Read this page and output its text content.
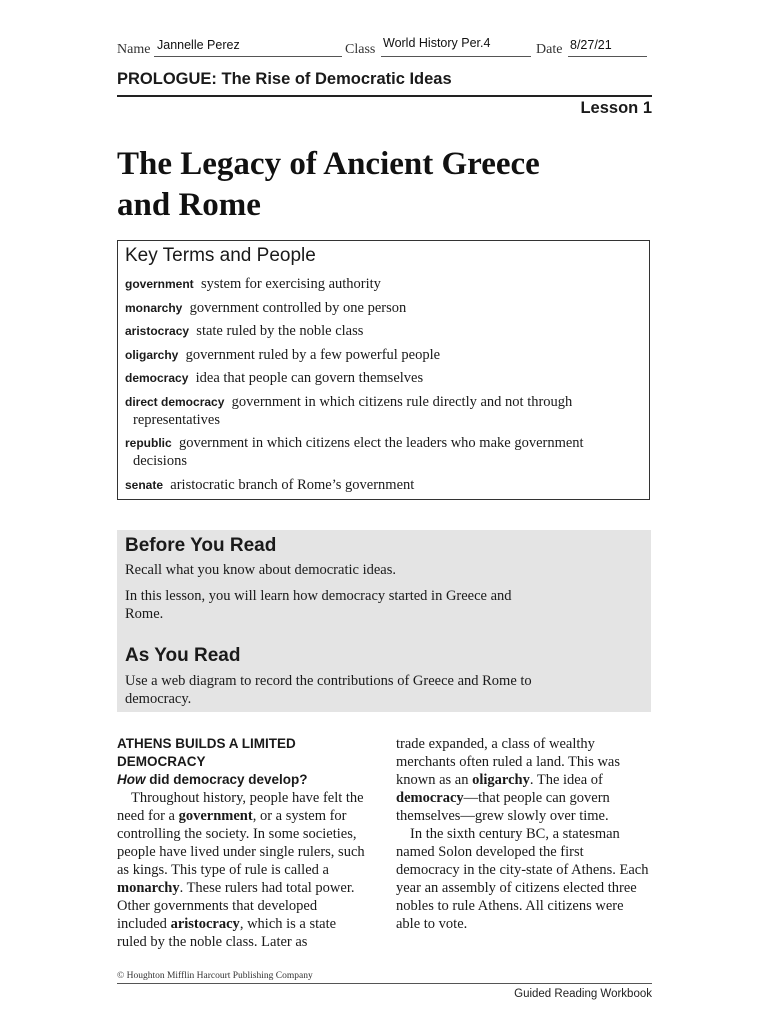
Name Jannelle Perez	Class World History Per.4	Date 8/27/21
PROLOGUE: The Rise of Democratic Ideas
Lesson 1
The Legacy of Ancient Greece
and Rome
Key Terms and People
government system for exercising authority
monarchy government controlled by one person
aristocracy state ruled by the noble class
oligarchy government ruled by a few powerful people
democracy idea that people can govern themselves
direct democracy government in which citizens rule directly and not through representatives
republic government in which citizens elect the leaders who make government decisions
senate aristocratic branch of Rome’s government
Before You Read

Recall what you know about democratic ideas.

In this lesson, you will learn how democracy started in Greece and Rome.

As You Read

Use a web diagram to record the contributions of Greece and Rome to democracy.

ATHENS BUILDS A LIMITED DEMOCRACY
How did democracy develop?

Throughout history, people have felt the need for a government, or a system for controlling the society. In some societies, people have lived under single rulers, such as kings. This type of rule is called a monarchy. These rulers had total power. Other governments that developed included aristocracy, which is a state ruled by the noble class. Later as

trade expanded, a class of wealthy merchants often ruled a land. This was known as an oligarchy. The idea of democracy—that people can govern themselves—grew slowly over time.

In the sixth century BC, a statesman named Solon developed the first democracy in the city-state of Athens. Each year an assembly of citizens elected three nobles to rule Athens. All citizens were able to vote.

© Houghton Mifflin Harcourt Publishing Company
Guided Reading Workbook
